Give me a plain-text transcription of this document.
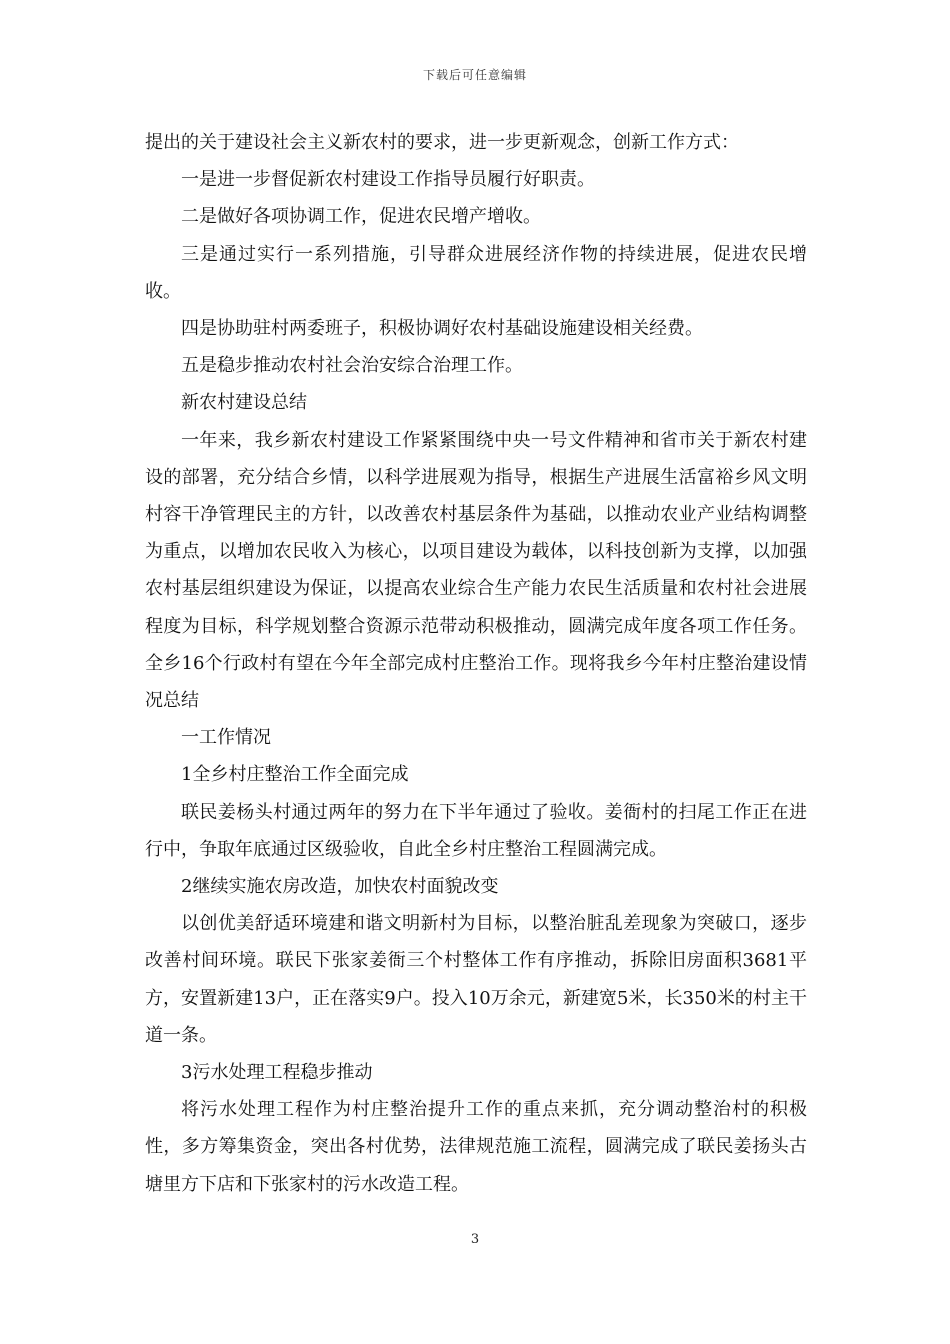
下载后可任意编辑

提出的关于建设社会主义新农村的要求，进一步更新观念，创新工作方式：

一是进一步督促新农村建设工作指导员履行好职责。

二是做好各项协调工作，促进农民增产增收。

三是通过实行一系列措施，引导群众进展经济作物的持续进展，促进农民增收。

四是协助驻村两委班子，积极协调好农村基础设施建设相关经费。

五是稳步推动农村社会治安综合治理工作。

新农村建设总结

一年来，我乡新农村建设工作紧紧围绕中央一号文件精神和省市关于新农村建设的部署，充分结合乡情，以科学进展观为指导，根据生产进展生活富裕乡风文明村容干净管理民主的方针，以改善农村基层条件为基础，以推动农业产业结构调整为重点，以增加农民收入为核心，以项目建设为载体，以科技创新为支撑，以加强农村基层组织建设为保证，以提高农业综合生产能力农民生活质量和农村社会进展程度为目标，科学规划整合资源示范带动积极推动，圆满完成年度各项工作任务。全乡16个行政村有望在今年全部完成村庄整治工作。现将我乡今年村庄整治建设情况总结

一工作情况

1全乡村庄整治工作全面完成

联民姜杨头村通过两年的努力在下半年通过了验收。姜衙村的扫尾工作正在进行中，争取年底通过区级验收，自此全乡村庄整治工程圆满完成。

2继续实施农房改造，加快农村面貌改变

以创优美舒适环境建和谐文明新村为目标，以整治脏乱差现象为突破口，逐步改善村间环境。联民下张家姜衙三个村整体工作有序推动，拆除旧房面积3681平方，安置新建13户，正在落实9户。投入10万余元，新建宽5米，长350米的村主干道一条。

3污水处理工程稳步推动

将污水处理工程作为村庄整治提升工作的重点来抓，充分调动整治村的积极性，多方筹集资金，突出各村优势，法律规范施工流程，圆满完成了联民姜扬头古塘里方下店和下张家村的污水改造工程。

3
